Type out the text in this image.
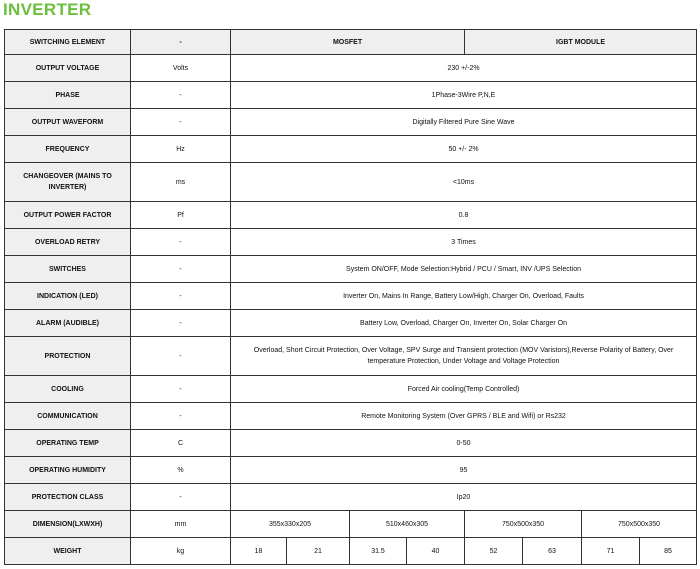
INVERTER
SWITCHING ELEMENT	-	MOSFET				IGBT MODULE			
OUTPUT VOLTAGE	Volts	230 +/-2%							
PHASE	-	1Phase-3Wire P,N,E							
OUTPUT WAVEFORM	-	Digitally Filtered Pure Sine Wave							
FREQUENCY	Hz	50 +/- 2%							
CHANGEOVER (MAINS TO INVERTER)	ms	<10ms							
OUTPUT POWER FACTOR	Pf	0.8							
OVERLOAD RETRY	-	3 Times							
SWITCHES	-	System ON/OFF, Mode Selection:Hybrid / PCU / Smart, INV /UPS Selection							
INDICATION (LED)	-	Inverter On, Mains In Range, Battery Low/High, Charger On, Overload, Faults							
ALARM (AUDIBLE)	-	Battery Low, Overload, Charger On, Inverter On, Solar Charger On							
PROTECTION	-	Overload, Short Circuit Protection, Over Voltage, SPV Surge and Transient protection (MOV Varistors),Reverse Polarity of Battery, Over temperature Protection, Under Voltage and Voltage Protection							
COOLING	-	Forced Air cooling(Temp Controlled)							
COMMUNICATION	-	Remote Monitoring System (Over GPRS / BLE and Wifi) or Rs232							
OPERATING TEMP	C	0-50							
OPERATING HUMIDITY	%	95							
PROTECTION CLASS	-	Ip20							
DIMENSION(LXWXH)	mm	355x330x205		510x460x305		750x500x350		750x500x350	
WEIGHT	kg	18	21	31.5	40	52	63	71	85
